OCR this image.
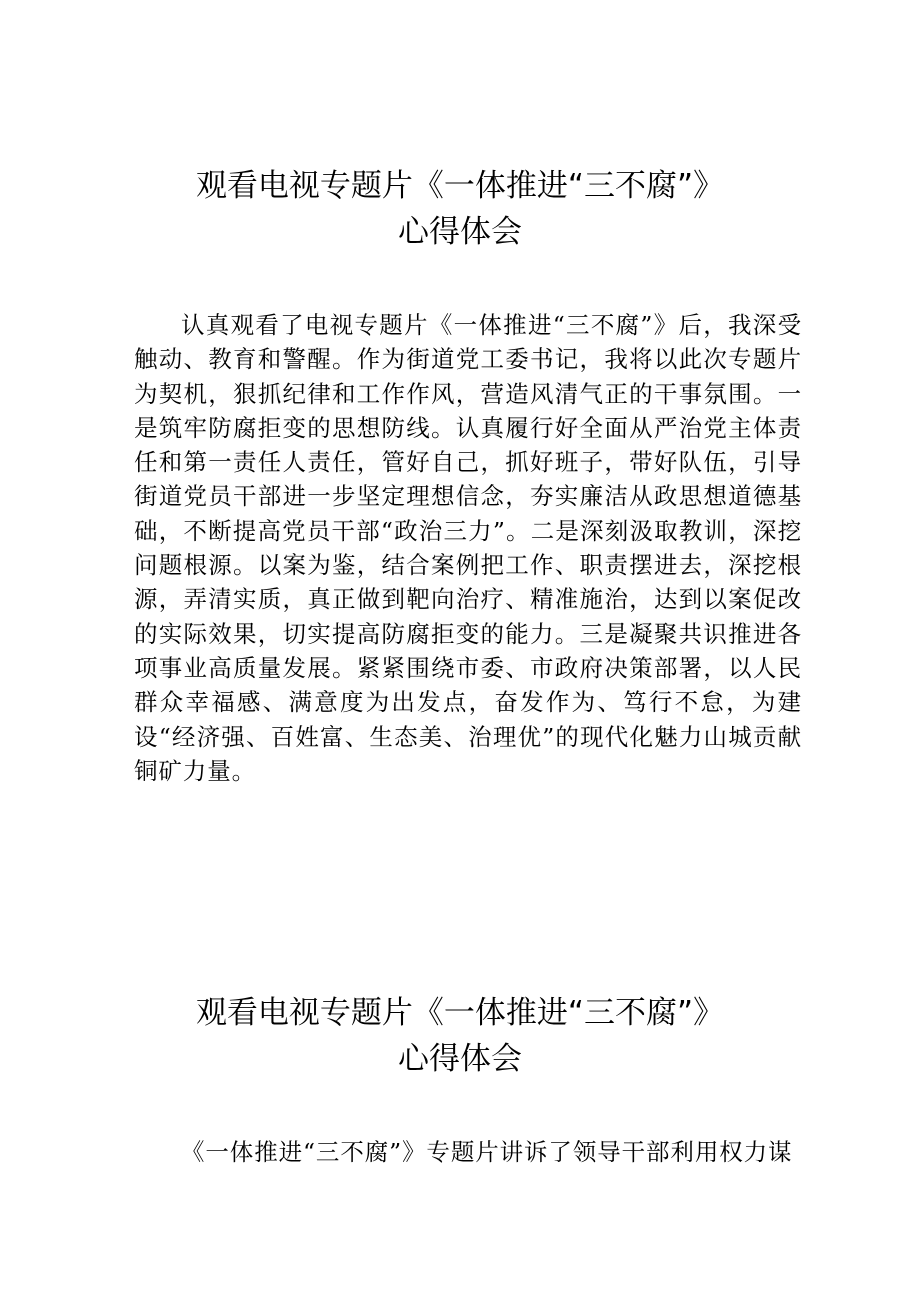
观看电视专题片《一体推进“三不腐”》
心得体会

认真观看了电视专题片《一体推进“三不腐”》后，我深受触动、教育和警醒。作为街道党工委书记，我将以此次专题片为契机，狠抓纪律和工作作风，营造风清气正的干事氛围。一是筑牢防腐拒变的思想防线。认真履行好全面从严治党主体责任和第一责任人责任，管好自己，抓好班子，带好队伍，引导街道党员干部进一步坚定理想信念，夯实廉洁从政思想道德基础，不断提高党员干部“政治三力”。二是深刻汲取教训，深挖问题根源。以案为鉴，结合案例把工作、职责摆进去，深挖根源，弄清实质，真正做到靶向治疗、精准施治，达到以案促改的实际效果，切实提高防腐拒变的能力。三是凝聚共识推进各项事业高质量发展。紧紧围绕市委、市政府决策部署，以人民群众幸福感、满意度为出发点，奋发作为、笃行不怠，为建设“经济强、百姓富、生态美、治理优”的现代化魅力山城贡献铜矿力量。

观看电视专题片《一体推进“三不腐”》
心得体会

《一体推进“三不腐”》专题片讲诉了领导干部利用权力谋
